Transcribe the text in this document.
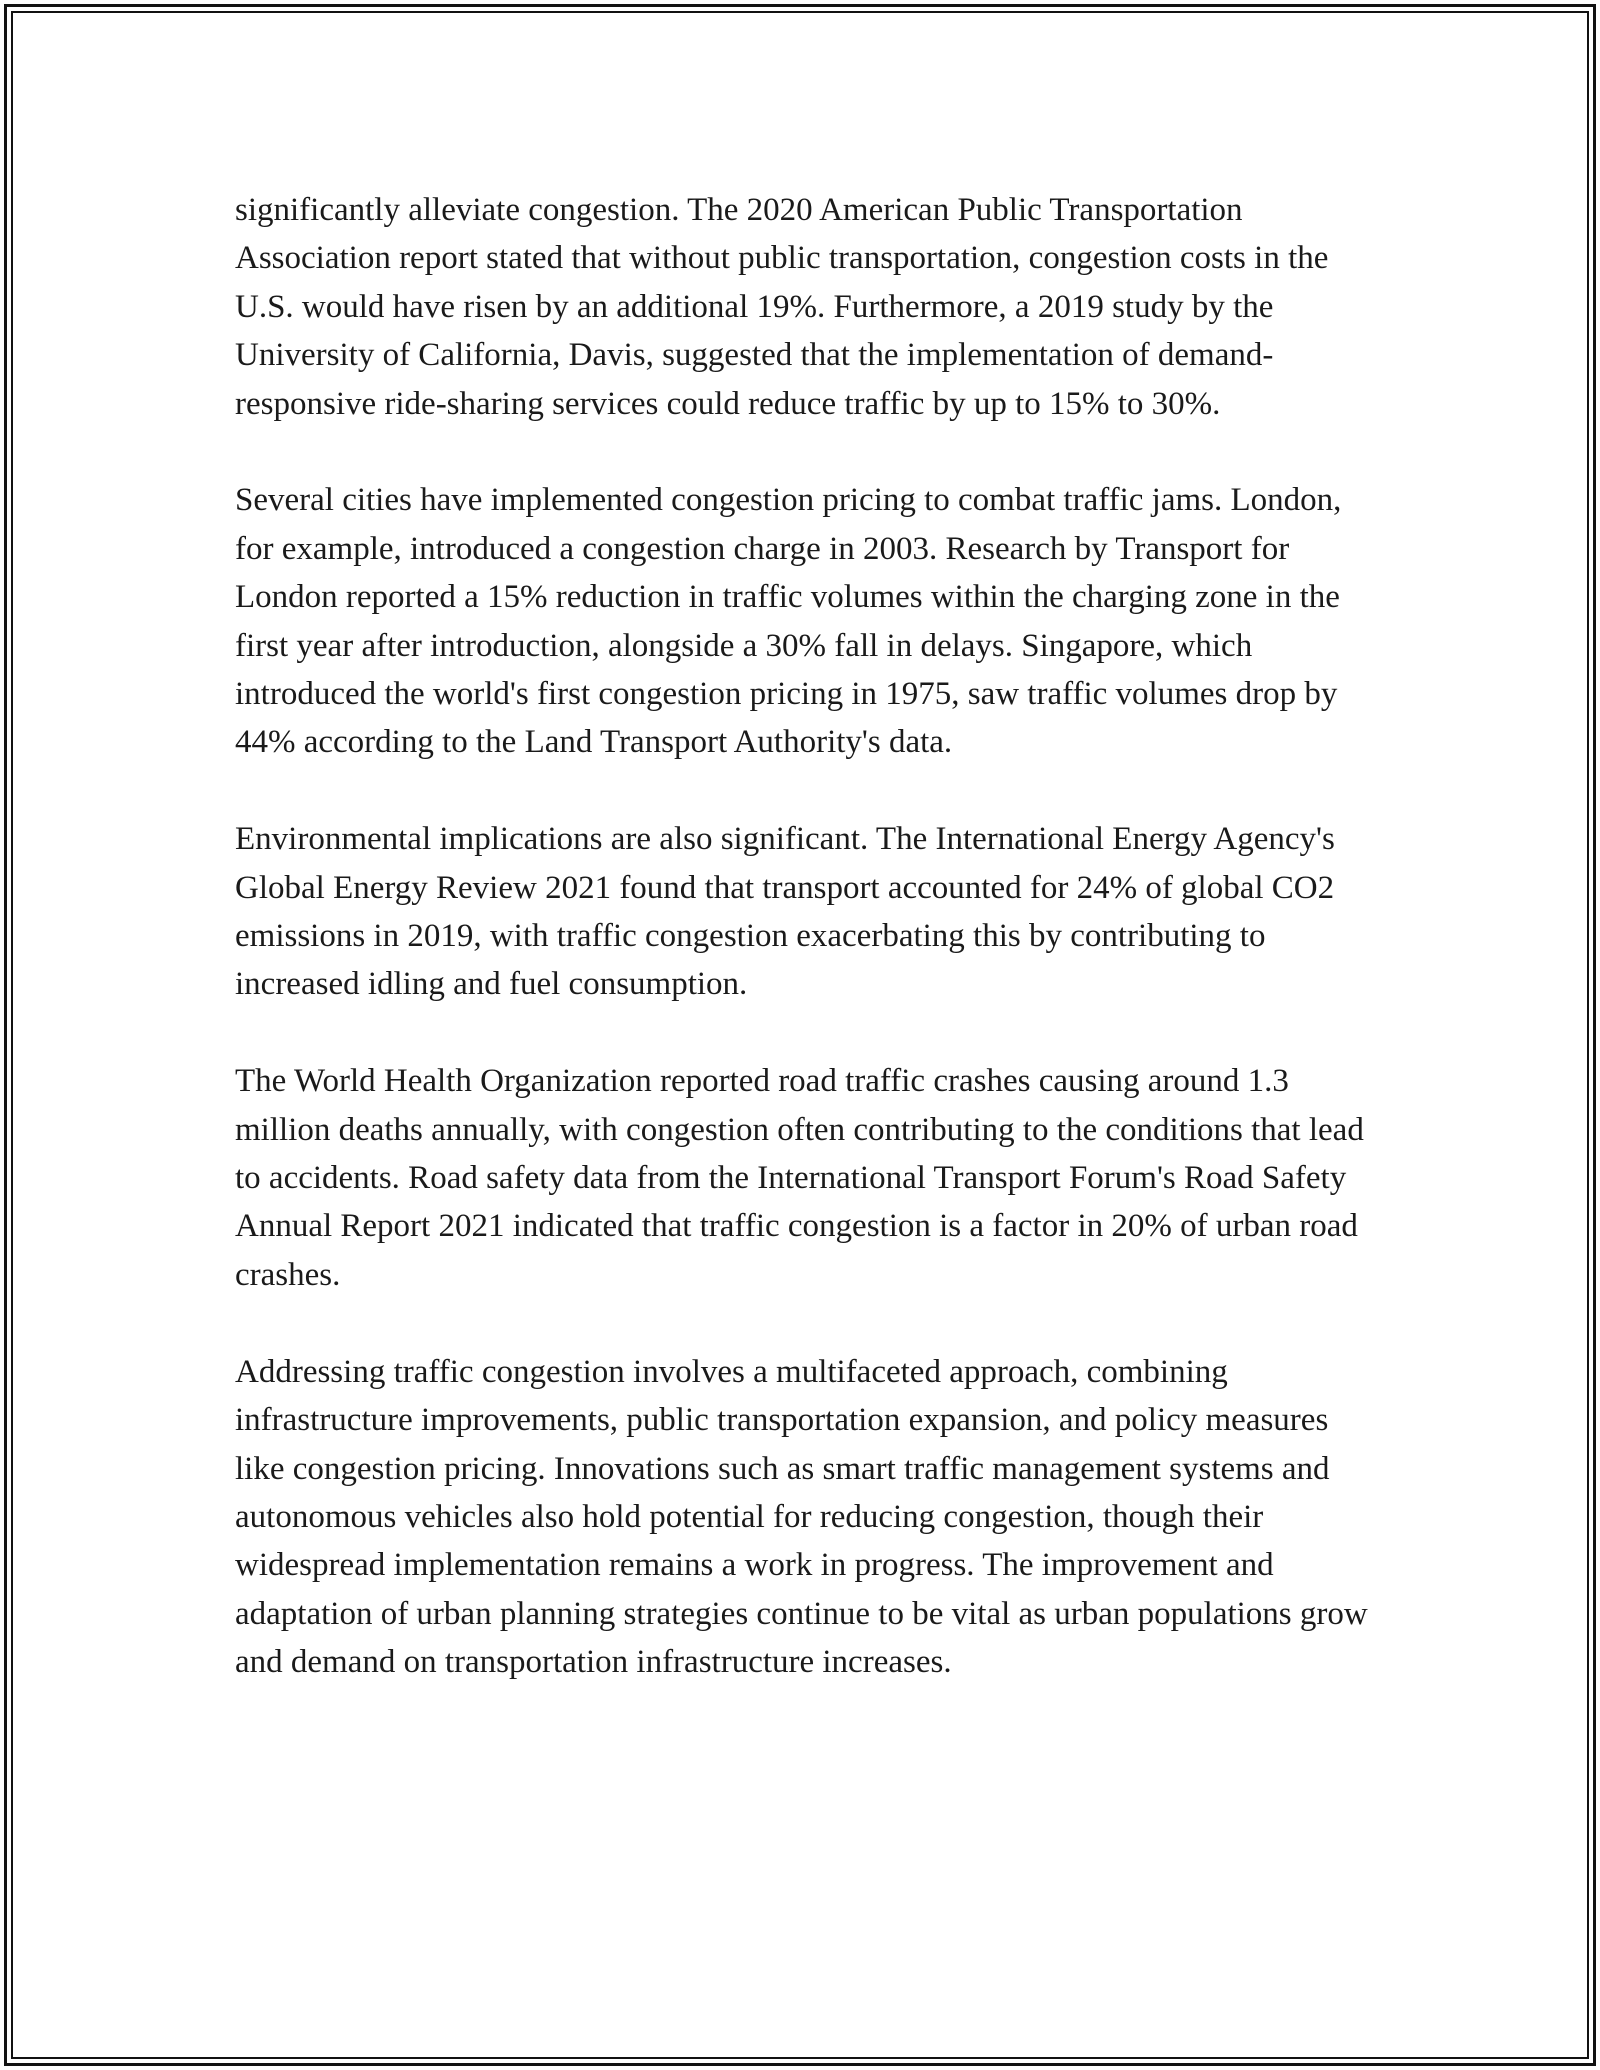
significantly alleviate congestion. The 2020 American Public Transportation Association report stated that without public transportation, congestion costs in the U.S. would have risen by an additional 19%. Furthermore, a 2019 study by the University of California, Davis, suggested that the implementation of demand-responsive ride-sharing services could reduce traffic by up to 15% to 30%.

Several cities have implemented congestion pricing to combat traffic jams. London, for example, introduced a congestion charge in 2003. Research by Transport for London reported a 15% reduction in traffic volumes within the charging zone in the first year after introduction, alongside a 30% fall in delays. Singapore, which introduced the world's first congestion pricing in 1975, saw traffic volumes drop by 44% according to the Land Transport Authority's data.

Environmental implications are also significant. The International Energy Agency's Global Energy Review 2021 found that transport accounted for 24% of global CO2 emissions in 2019, with traffic congestion exacerbating this by contributing to increased idling and fuel consumption.

The World Health Organization reported road traffic crashes causing around 1.3 million deaths annually, with congestion often contributing to the conditions that lead to accidents. Road safety data from the International Transport Forum's Road Safety Annual Report 2021 indicated that traffic congestion is a factor in 20% of urban road crashes.

Addressing traffic congestion involves a multifaceted approach, combining infrastructure improvements, public transportation expansion, and policy measures like congestion pricing. Innovations such as smart traffic management systems and autonomous vehicles also hold potential for reducing congestion, though their widespread implementation remains a work in progress. The improvement and adaptation of urban planning strategies continue to be vital as urban populations grow and demand on transportation infrastructure increases.
